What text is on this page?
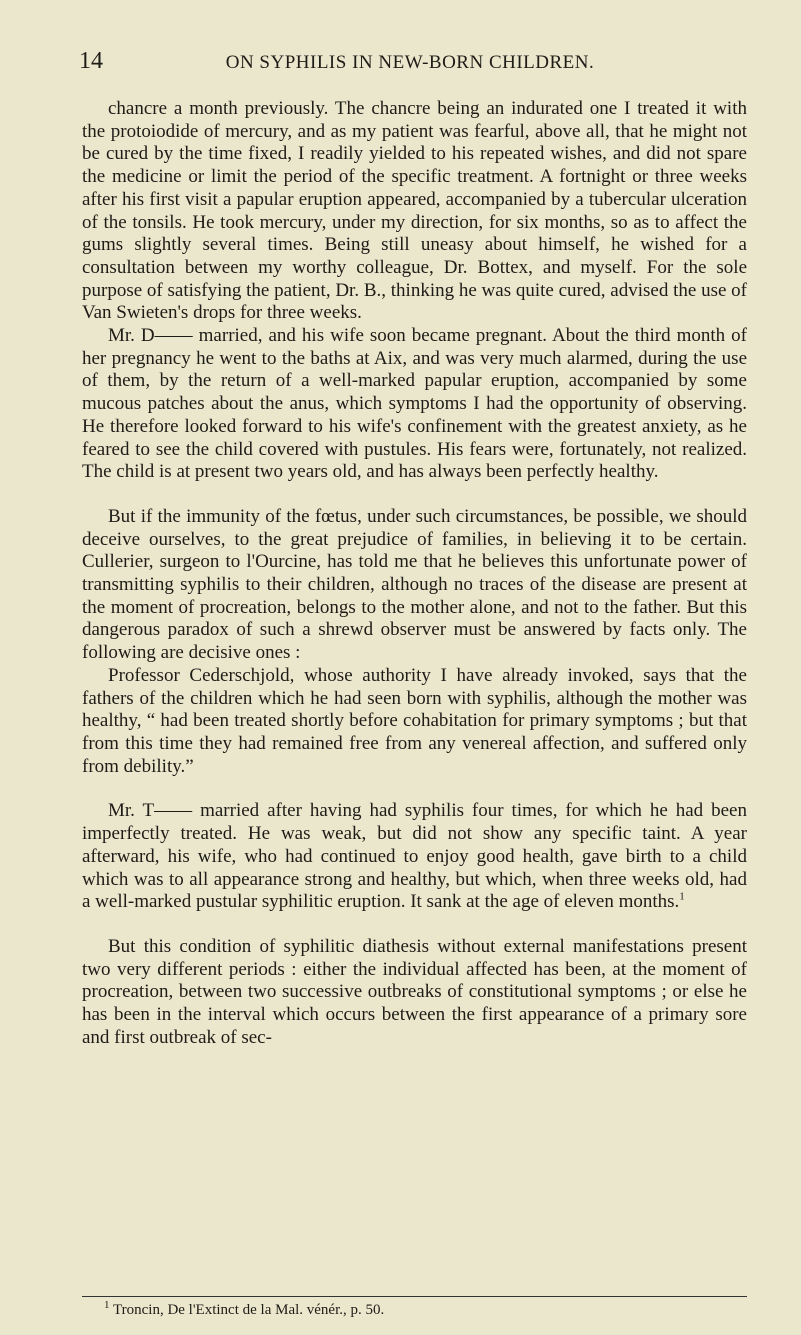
14	ON SYPHILIS IN NEW-BORN CHILDREN.

chancre a month previously. The chancre being an indurated one I treated it with the protoiodide of mercury, and as my patient was fearful, above all, that he might not be cured by the time fixed, I readily yielded to his repeated wishes, and did not spare the medicine or limit the period of the specific treatment. A fortnight or three weeks after his first visit a papular eruption appeared, accompanied by a tubercular ulceration of the tonsils. He took mercury, under my direction, for six months, so as to affect the gums slightly several times. Being still uneasy about himself, he wished for a consultation between my worthy colleague, Dr. Bottex, and myself. For the sole purpose of satisfying the patient, Dr. B., thinking he was quite cured, advised the use of Van Swieten's drops for three weeks.

Mr. D—— married, and his wife soon became pregnant. About the third month of her pregnancy he went to the baths at Aix, and was very much alarmed, during the use of them, by the return of a well-marked papular eruption, accompanied by some mucous patches about the anus, which symptoms I had the opportunity of observing. He therefore looked forward to his wife's confinement with the greatest anxiety, as he feared to see the child covered with pustules. His fears were, fortunately, not realized. The child is at present two years old, and has always been perfectly healthy.

But if the immunity of the fœtus, under such circumstances, be possible, we should deceive ourselves, to the great prejudice of families, in believing it to be certain. Cullerier, surgeon to l'Ourcine, has told me that he believes this unfortunate power of transmitting syphilis to their children, although no traces of the disease are present at the moment of procreation, belongs to the mother alone, and not to the father. But this dangerous paradox of such a shrewd observer must be answered by facts only. The following are decisive ones :

Professor Cederschjold, whose authority I have already invoked, says that the fathers of the children which he had seen born with syphilis, although the mother was healthy, “ had been treated shortly before cohabitation for primary symptoms ; but that from this time they had remained free from any venereal affection, and suffered only from debility.”

Mr. T—— married after having had syphilis four times, for which he had been imperfectly treated. He was weak, but did not show any specific taint. A year afterward, his wife, who had continued to enjoy good health, gave birth to a child which was to all appearance strong and healthy, but which, when three weeks old, had a well-marked pustular syphilitic eruption. It sank at the age of eleven months.$^1$

But this condition of syphilitic diathesis without external manifestations present two very different periods : either the individual affected has been, at the moment of procreation, between two successive outbreaks of constitutional symptoms ; or else he has been in the interval which occurs between the first appearance of a primary sore and first outbreak of sec-

$^1$ Troncin, De l'Extinct de la Mal. vénér., p. 50.
